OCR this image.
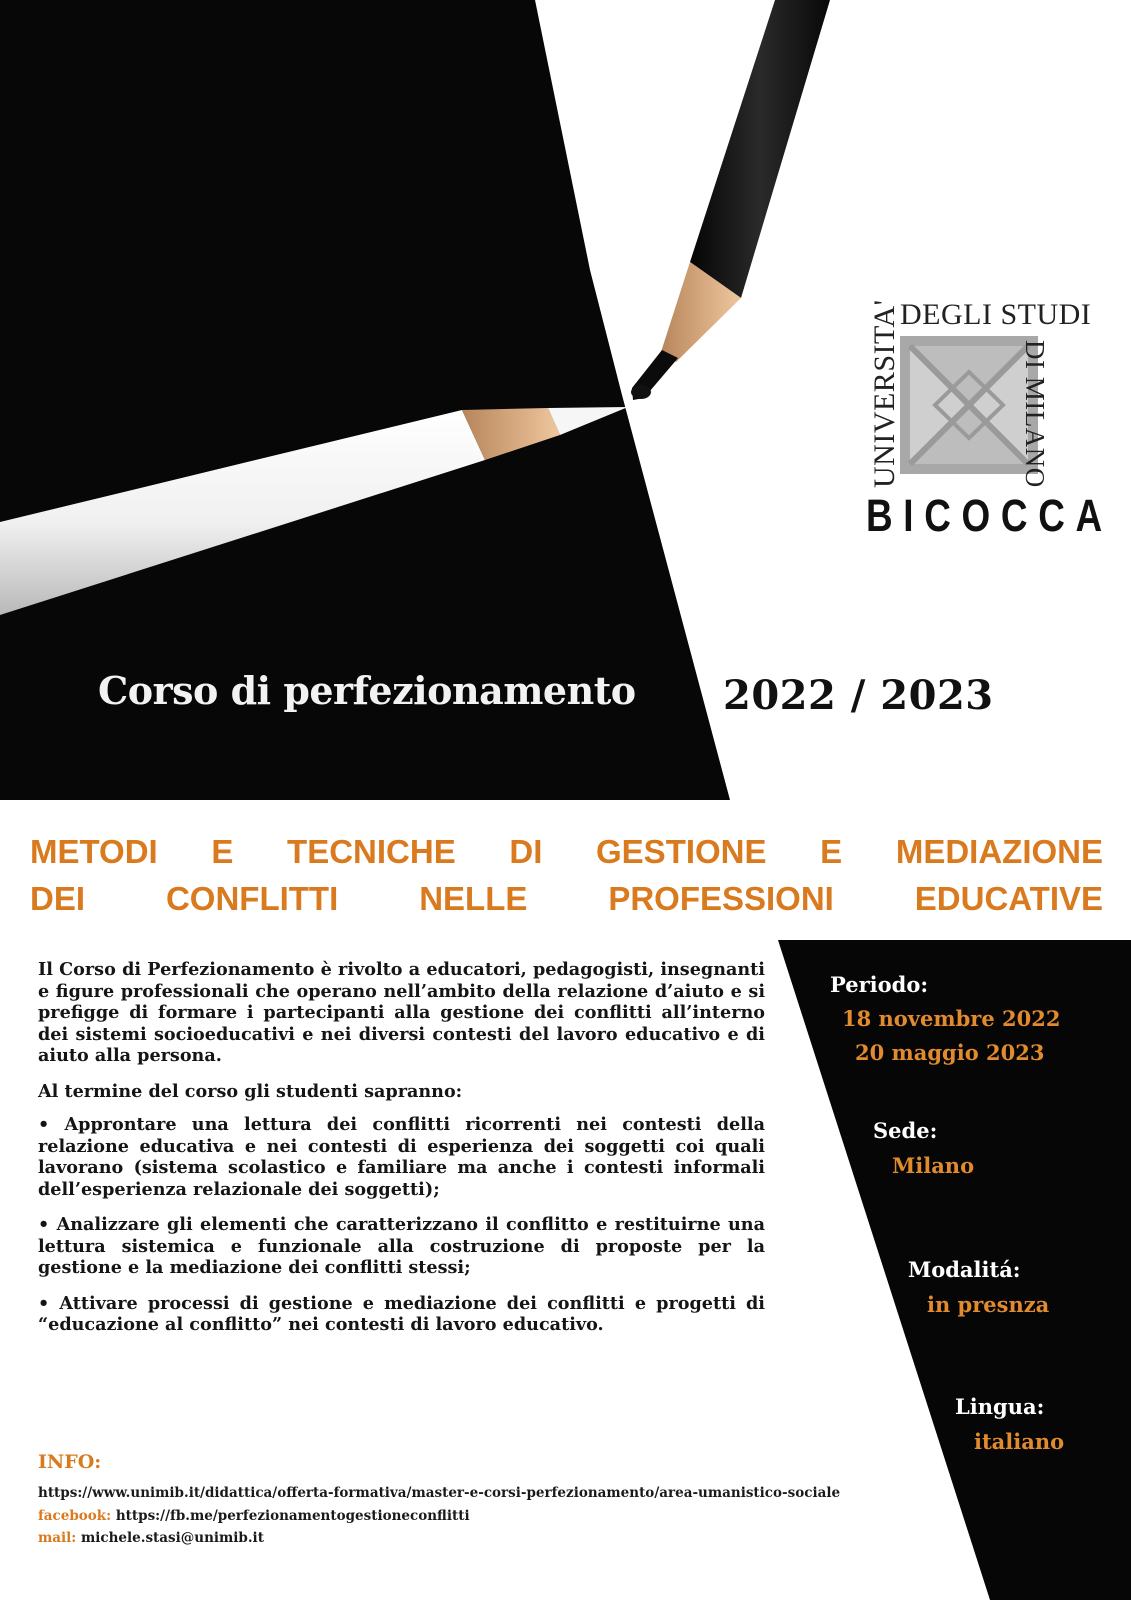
DEGLI STUDI
UNIVERSITA'	DI MILANO
BICOCCA
Corso di perfezionamento 2022 / 2023
METODI E TECNICHE DI GESTIONE E MEDIAZIONE
DEI CONFLITTI NELLE PROFESSIONI EDUCATIVE

Il Corso di Perfezionamento è rivolto a educatori, pedagogisti, insegnanti e figure professionali che operano nell’ambito della relazione d’aiuto e si prefigge di formare i partecipanti alla gestione dei conflitti all’interno dei sistemi socioeducativi e nei diversi contesti del lavoro educativo e di aiuto alla persona.

Al termine del corso gli studenti sapranno:

• Approntare una lettura dei conflitti ricorrenti nei contesti della relazione educativa e nei contesti di esperienza dei soggetti coi quali lavorano (sistema scolastico e familiare ma anche i contesti informali dell’esperienza relazionale dei soggetti);

• Analizzare gli elementi che caratterizzano il conflitto e restituirne una lettura sistemica e funzionale alla costruzione di proposte per la gestione e la mediazione dei conflitti stessi;

• Attivare processi di gestione e mediazione dei conflitti e progetti di “educazione al conflitto” nei contesti di lavoro educativo.

Periodo:
18 novembre 2022
20 maggio 2023
Sede:
Milano
Modalitá:
in presnza
Lingua:
italiano
INFO:
https://www.unimib.it/didattica/offerta-formativa/master-e-corsi-perfezionamento/area-umanistico-sociale
facebook: https://fb.me/perfezionamentogestioneconflitti
mail: michele.stasi@unimib.it
